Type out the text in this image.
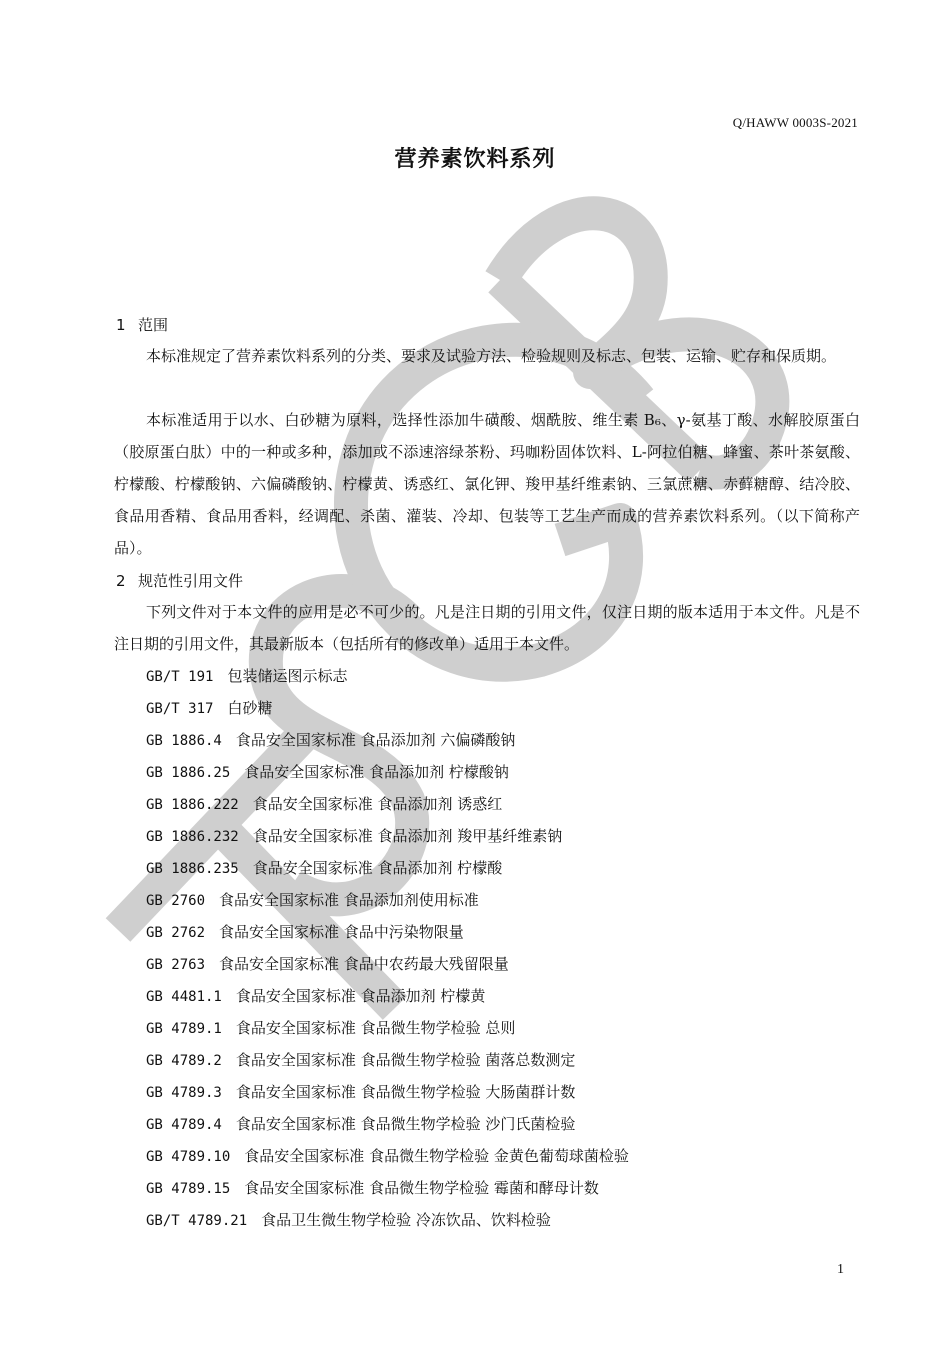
Q/HAWW 0003S-2021
营养素饮料系列
1 范围
本标准规定了营养素饮料系列的分类、要求及试验方法、检验规则及标志、包装、运输、贮存和保质期。
本标准适用于以水、白砂糖为原料，选择性添加牛磺酸、烟酰胺、维生素 B₆、γ-氨基丁酸、水解胶原蛋白（胶原蛋白肽）中的一种或多种，添加或不添速溶绿茶粉、玛咖粉固体饮料、L-阿拉伯糖、蜂蜜、茶叶茶氨酸、柠檬酸、柠檬酸钠、六偏磷酸钠、柠檬黄、诱惑红、氯化钾、羧甲基纤维素钠、三氯蔗糖、赤藓糖醇、结冷胶、食品用香精、食品用香料，经调配、杀菌、灌装、冷却、包装等工艺生产而成的营养素饮料系列。（以下简称产品）。
2 规范性引用文件
下列文件对于本文件的应用是必不可少的。凡是注日期的引用文件，仅注日期的版本适用于本文件。凡是不注日期的引用文件，其最新版本（包括所有的修改单）适用于本文件。
GB/T 191 包装储运图示标志
GB/T 317 白砂糖
GB 1886.4 食品安全国家标准 食品添加剂 六偏磷酸钠
GB 1886.25 食品安全国家标准 食品添加剂 柠檬酸钠
GB 1886.222 食品安全国家标准 食品添加剂 诱惑红
GB 1886.232 食品安全国家标准 食品添加剂 羧甲基纤维素钠
GB 1886.235 食品安全国家标准 食品添加剂 柠檬酸
GB 2760 食品安全国家标准 食品添加剂使用标准
GB 2762 食品安全国家标准 食品中污染物限量
GB 2763 食品安全国家标准 食品中农药最大残留限量
GB 4481.1 食品安全国家标准 食品添加剂 柠檬黄
GB 4789.1 食品安全国家标准 食品微生物学检验 总则
GB 4789.2 食品安全国家标准 食品微生物学检验 菌落总数测定
GB 4789.3 食品安全国家标准 食品微生物学检验 大肠菌群计数
GB 4789.4 食品安全国家标准 食品微生物学检验 沙门氏菌检验
GB 4789.10 食品安全国家标准 食品微生物学检验 金黄色葡萄球菌检验
GB 4789.15 食品安全国家标准 食品微生物学检验 霉菌和酵母计数
GB/T 4789.21 食品卫生微生物学检验 冷冻饮品、饮料检验
1
